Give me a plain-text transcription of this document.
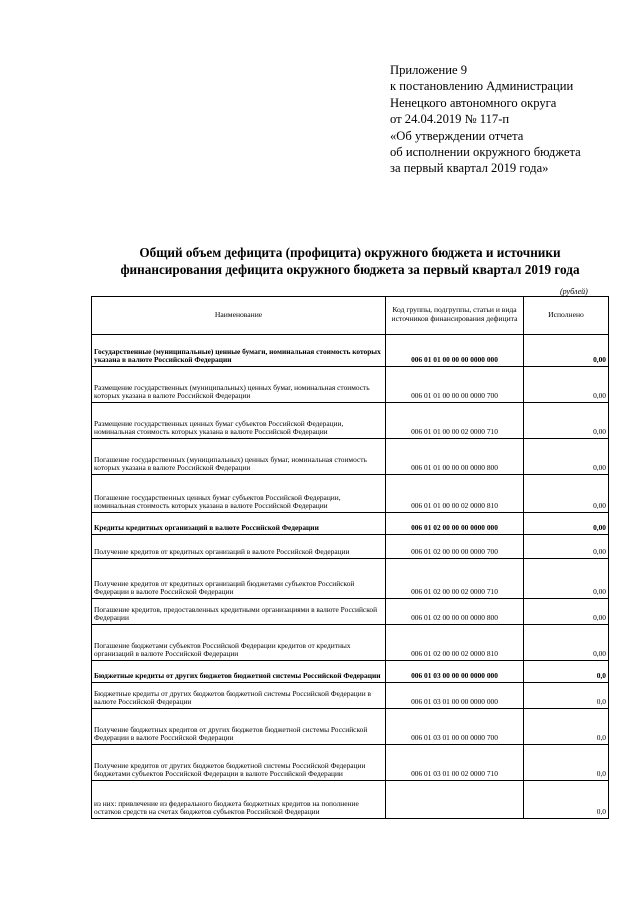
Приложение 9
к постановлению Администрации
Ненецкого автономного округа
от 24.04.2019 № 117-п
«Об утверждении отчета
об исполнении окружного бюджета
за первый квартал 2019 года»
Общий объем дефицита (профицита) окружного бюджета и источники
финансирования дефицита окружного бюджета за первый квартал 2019 года
(рублей)
Наименование	Код группы, подгруппы, статьи и вида источников финансирования дефицита	Исполнено
Государственные (муниципальные) ценные бумаги, номинальная стоимость которых указана в валюте Российской Федерации	006 01 01 00 00 00 0000 000	0,00
Размещение государственных (муниципальных) ценных бумаг, номинальная стоимость которых указана в валюте Российской Федерации	006 01 01 00 00 00 0000 700	0,00
Размещение государственных ценных бумаг субъектов Российской Федерации, номинальная стоимость которых указана в валюте Российской Федерации	006 01 01 00 00 02 0000 710	0,00
Погашение государственных (муниципальных) ценных бумаг, номинальная стоимость которых указана в валюте Российской Федерации	006 01 01 00 00 00 0000 800	0,00
Погашение государственных ценных бумаг субъектов Российской Федерации, номинальная стоимость которых указана в валюте Российской Федерации	006 01 01 00 00 02 0000 810	0,00
Кредиты кредитных организаций в валюте Российской Федерации	006 01 02 00 00 00 0000 000	0,00
Получение кредитов от кредитных организаций в валюте Российской Федерации	006 01 02 00 00 00 0000 700	0,00
Получение кредитов от кредитных организаций бюджетами субъектов Российской Федерации в валюте Российской Федерации	006 01 02 00 00 02 0000 710	0,00
Погашение кредитов, предоставленных кредитными организациями в валюте Российской Федерации	006 01 02 00 00 00 0000 800	0,00
Погашение бюджетами субъектов Российской Федерации кредитов от кредитных организаций в валюте Российской Федерации	006 01 02 00 00 02 0000 810	0,00
Бюджетные кредиты от других бюджетов бюджетной системы Российской Федерации	006 01 03 00 00 00 0000 000	0,0
Бюджетные кредиты от других бюджетов бюджетной системы Российской Федерации в валюте Российской Федерации	006 01 03 01 00 00 0000 000	0,0
Получение бюджетных кредитов от других бюджетов бюджетной системы Российской Федерации в валюте Российской Федерации	006 01 03 01 00 00 0000 700	0,0
Получение кредитов от других бюджетов бюджетной системы Российской Федерации бюджетами субъектов Российской Федерации в валюте Российской Федерации	006 01 03 01 00 02 0000 710	0,0
из них: привлечение из федерального бюджета бюджетных кредитов на пополнение остатков средств на счетах бюджетов субъектов Российской Федерации		0,0
